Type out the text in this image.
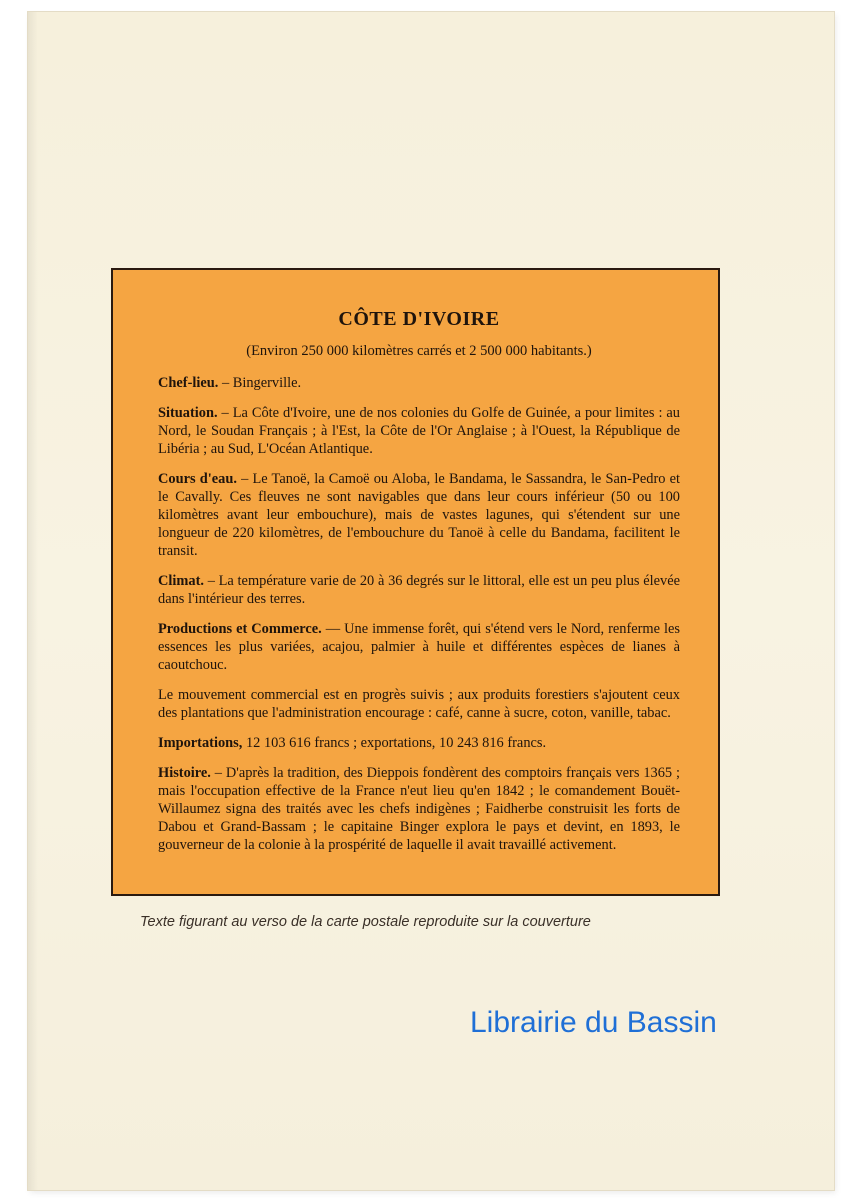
CÔTE D'IVOIRE
(Environ 250 000 kilomètres carrés et 2 500 000 habitants.)

Chef-lieu. – Bingerville.

Situation. – La Côte d'Ivoire, une de nos colonies du Golfe de Guinée, a pour limites : au Nord, le Soudan Français ; à l'Est, la Côte de l'Or Anglaise ; à l'Ouest, la République de Libéria ; au Sud, L'Océan Atlantique.

Cours d'eau. – Le Tanoë, la Camoë ou Aloba, le Bandama, le Sassandra, le San-Pedro et le Cavally. Ces fleuves ne sont navigables que dans leur cours inférieur (50 ou 100 kilomètres avant leur embouchure), mais de vastes lagunes, qui s'étendent sur une longueur de 220 kilomètres, de l'embouchure du Tanoë à celle du Bandama, facilitent le transit.

Climat. – La température varie de 20 à 36 degrés sur le littoral, elle est un peu plus élevée dans l'intérieur des terres.

Productions et Commerce. — Une immense forêt, qui s'étend vers le Nord, renferme les essences les plus variées, acajou, palmier à huile et différentes espèces de lianes à caoutchouc.

Le mouvement commercial est en progrès suivis ; aux produits forestiers s'ajoutent ceux des plantations que l'administration encourage : café, canne à sucre, coton, vanille, tabac.

Importations, 12 103 616 francs ; exportations, 10 243 816 francs.

Histoire. – D'après la tradition, des Dieppois fondèrent des comptoirs français vers 1365 ; mais l'occupation effective de la France n'eut lieu qu'en 1842 ; le comandement Bouët-Willaumez signa des traités avec les chefs indigènes ; Faidherbe construisit les forts de Dabou et Grand-Bassam ; le capitaine Binger explora le pays et devint, en 1893, le gouverneur de la colonie à la prospérité de laquelle il avait travaillé activement.

Texte figurant au verso de la carte postale reproduite sur la couverture
Librairie du Bassin
